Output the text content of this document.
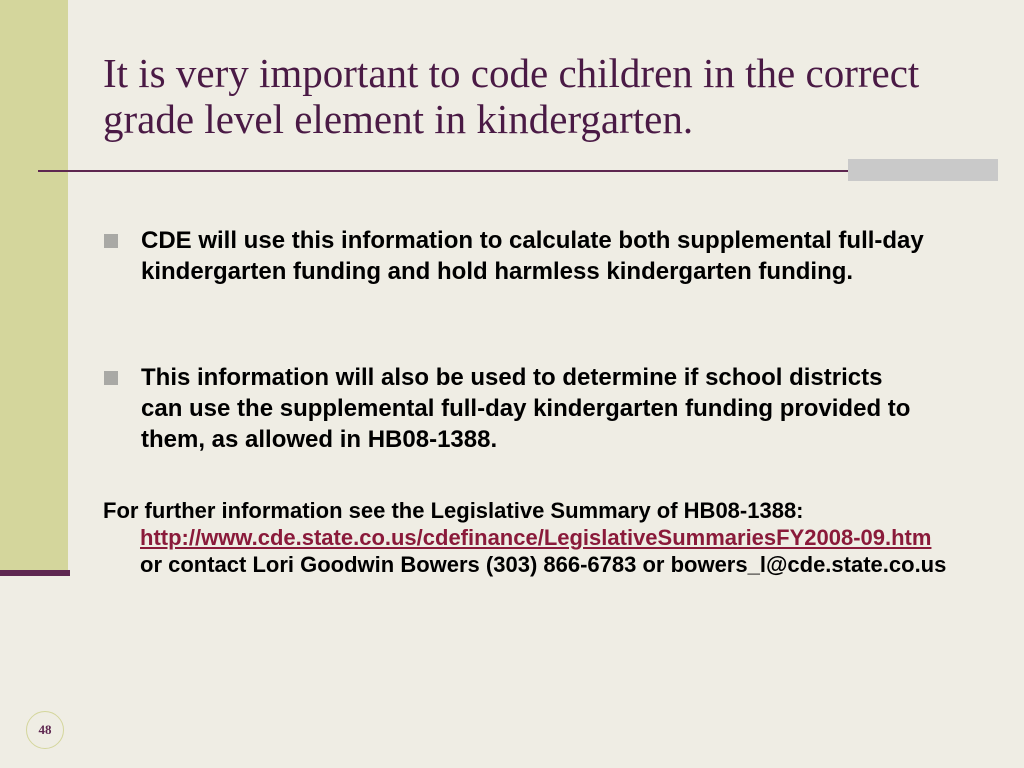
It is very important to code children in the correct grade level element in kindergarten.
CDE will use this information to calculate both supplemental full-day kindergarten funding and hold harmless kindergarten funding.
This information will also be used to determine if school districts can use the supplemental full-day kindergarten funding provided to them, as allowed in HB08-1388.
For further information see the Legislative Summary of HB08-1388:
http://www.cde.state.co.us/cdefinance/LegislativeSummariesFY2008-09.htm or contact Lori Goodwin Bowers (303) 866-6783 or bowers_l@cde.state.co.us
48
